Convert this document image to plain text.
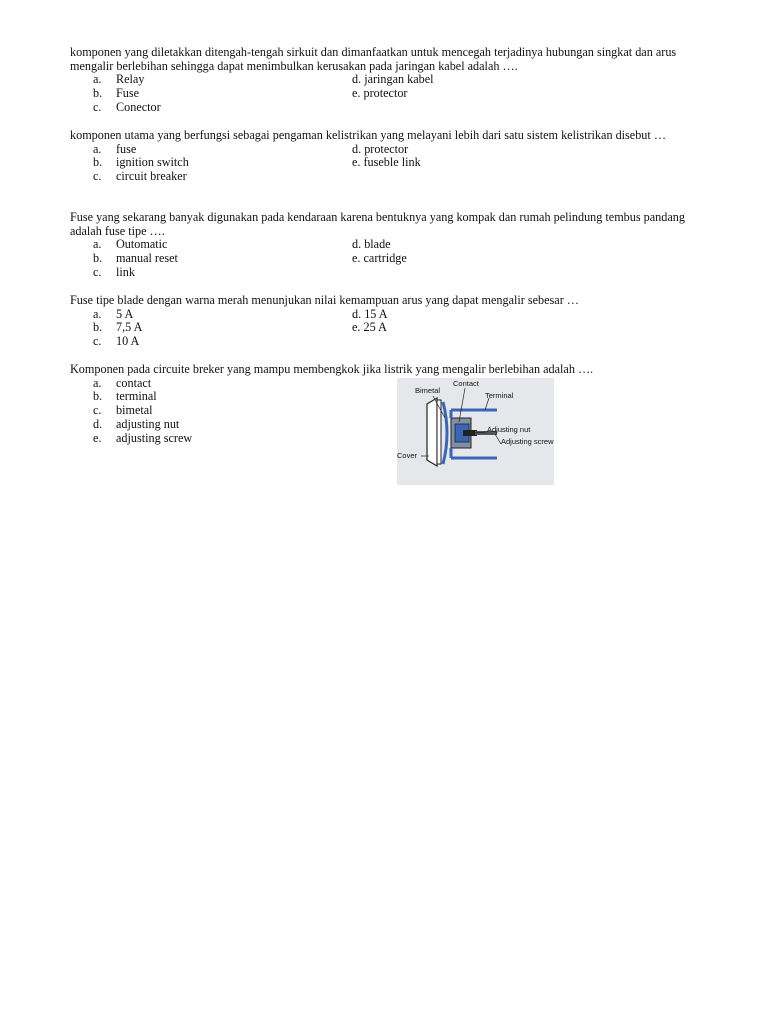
komponen yang diletakkan ditengah-tengah sirkuit dan dimanfaatkan untuk mencegah terjadinya hubungan singkat dan arus mengalir berlebihan sehingga dapat menimbulkan kerusakan pada jaringan kabel adalah ….

a. Relay
b. Fuse
c. Conector
d. jaringan kabel
e. protector

komponen utama yang berfungsi sebagai pengaman kelistrikan yang melayani lebih dari satu sistem kelistrikan disebut …

a. fuse
b. ignition switch
c. circuit breaker
d. protector
e. fuseble link

Fuse yang sekarang banyak digunakan pada kendaraan karena bentuknya yang kompak dan rumah pelindung tembus pandang adalah fuse tipe ….

a. Outomatic
b. manual reset
c. link
d. blade
e. cartridge

Fuse tipe blade dengan warna merah menunjukan nilai kemampuan arus yang dapat mengalir sebesar …

a. 5 A
b. 7,5 A
c. 10 A
d. 15 A
e. 25 A

Komponen pada circuite breker yang mampu membengkok jika listrik yang mengalir berlebihan adalah ….

a. contact
b. terminal
c. bimetal
d. adjusting nut
e. adjusting screw
Bimetal
Contact
Terminal
Adjusting nut
Adjusting screw
Cover
